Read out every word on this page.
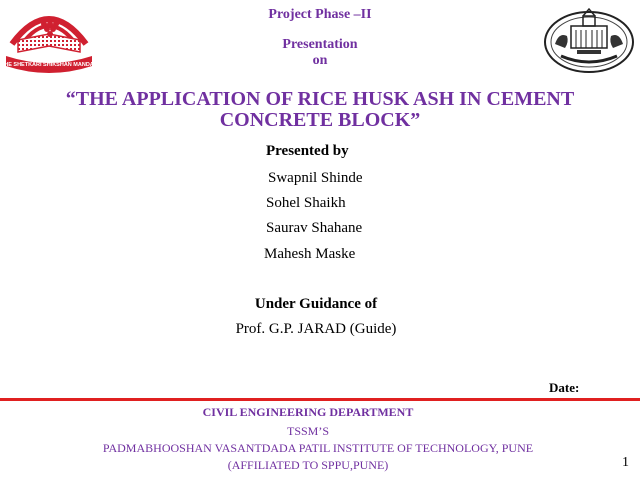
THE SHETKARI SHIKSHAN MANDAL
Project Phase –II
Presentation
on
“THE APPLICATION OF RICE HUSK ASH IN CEMENT CONCRETE BLOCK”
Presented by
Swapnil Shinde
Sohel Shaikh
Saurav Shahane
Mahesh Maske
Under Guidance of
Prof. G.P. JARAD (Guide)
Date:
CIVIL ENGINEERING DEPARTMENT
TSSM’S
PADMABHOOSHAN VASANTDADA PATIL INSTITUTE OF TECHNOLOGY, PUNE
(AFFILIATED TO SPPU,PUNE)	1
